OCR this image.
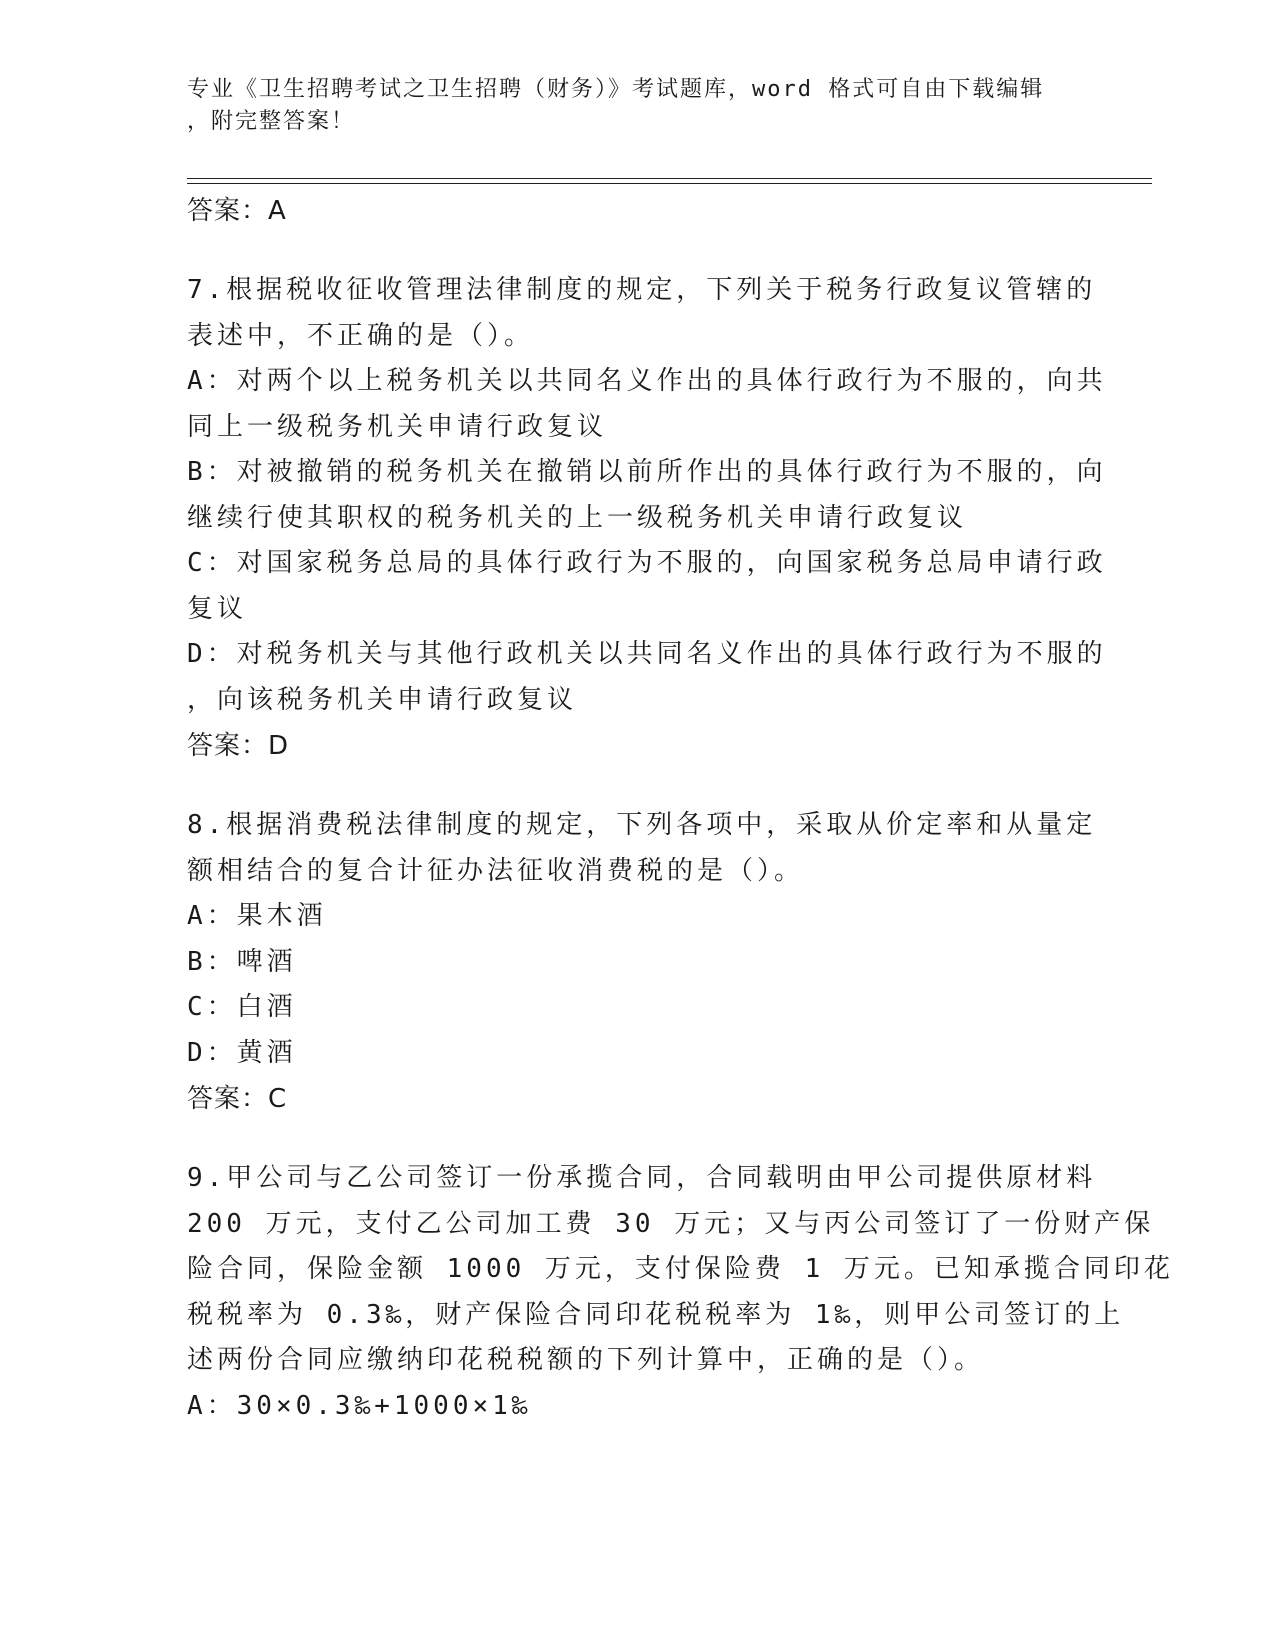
专业《卫生招聘考试之卫生招聘（财务）》考试题库，word 格式可自由下载编辑
，附完整答案！
答案：A
7.根据税收征收管理法律制度的规定，下列关于税务行政复议管辖的
表述中，不正确的是（）。
A：对两个以上税务机关以共同名义作出的具体行政行为不服的，向共
同上一级税务机关申请行政复议
B：对被撤销的税务机关在撤销以前所作出的具体行政行为不服的，向
继续行使其职权的税务机关的上一级税务机关申请行政复议
C：对国家税务总局的具体行政行为不服的，向国家税务总局申请行政
复议
D：对税务机关与其他行政机关以共同名义作出的具体行政行为不服的
，向该税务机关申请行政复议
答案：D
8.根据消费税法律制度的规定，下列各项中，采取从价定率和从量定
额相结合的复合计征办法征收消费税的是（）。
A：果木酒
B：啤酒
C：白酒
D：黄酒
答案：C
9.甲公司与乙公司签订一份承揽合同，合同载明由甲公司提供原材料
200 万元，支付乙公司加工费 30 万元；又与丙公司签订了一份财产保
险合同，保险金额 1000 万元，支付保险费 1 万元。已知承揽合同印花
税税率为 0.3‰，财产保险合同印花税税率为 1‰，则甲公司签订的上
述两份合同应缴纳印花税税额的下列计算中，正确的是（）。
A：30×0.3‰+1000×1‰
